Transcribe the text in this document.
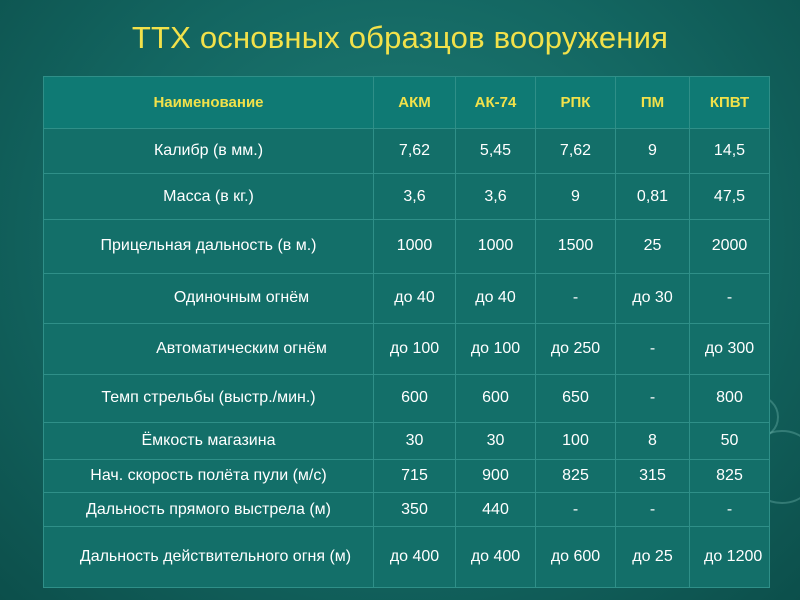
ТТХ основных образцов вооружения
Наименование	АКМ	АК-74	РПК	ПМ	КПВТ
Калибр (в мм.)	7,62	5,45	7,62	9	14,5
Масса (в кг.)	3,6	3,6	9	0,81	47,5
Прицельная дальность (в м.)	1000	1000	1500	25	2000
Одиночным огнём	до 40	до 40	-	до 30	-
Автоматическим огнём	до 100	до 100	до 250	-	до 300
Темп стрельбы (выстр./мин.)	600	600	650	-	800
Ёмкость магазина	30	30	100	8	50
Нач. скорость полёта пули (м/с)	715	900	825	315	825
Дальность прямого выстрела (м)	350	440	-	-	-
Дальность действительного огня (м)	до 400	до 400	до 600	до 25	до 1200
